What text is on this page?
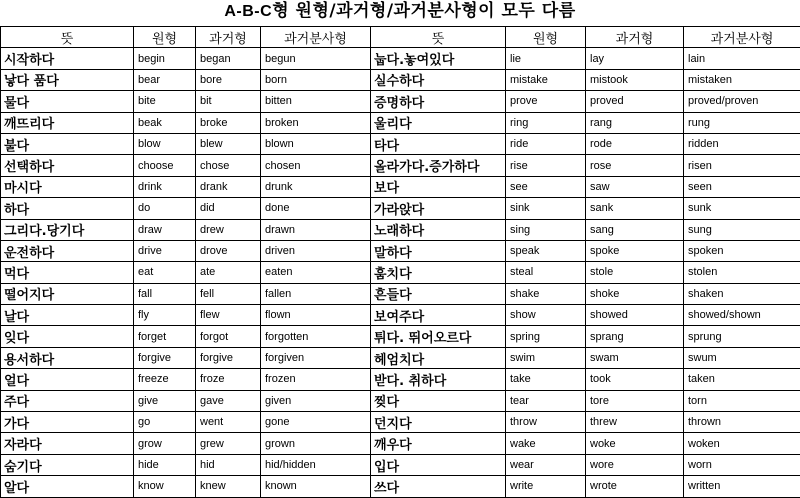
A-B-C형 원형/과거형/과거분사형이 모두 다름
뜻	원형	과거형	과거분사형	뜻	원형	과거형	과거분사형
시작하다	begin	began	begun	눕다.놓여있다	lie	lay	lain
낳다 품다	bear	bore	born	실수하다	mistake	mistook	mistaken
물다	bite	bit	bitten	증명하다	prove	proved	proved/proven
깨뜨리다	beak	broke	broken	울리다	ring	rang	rung
불다	blow	blew	blown	타다	ride	rode	ridden
선택하다	choose	chose	chosen	올라가다.증가하다	rise	rose	risen
마시다	drink	drank	drunk	보다	see	saw	seen
하다	do	did	done	가라앉다	sink	sank	sunk
그리다.당기다	draw	drew	drawn	노래하다	sing	sang	sung
운전하다	drive	drove	driven	말하다	speak	spoke	spoken
먹다	eat	ate	eaten	훔치다	steal	stole	stolen
떨어지다	fall	fell	fallen	흔들다	shake	shoke	shaken
날다	fly	flew	flown	보여주다	show	showed	showed/shown
잊다	forget	forgot	forgotten	튀다. 뛰어오르다	spring	sprang	sprung
용서하다	forgive	forgive	forgiven	헤엄치다	swim	swam	swum
얼다	freeze	froze	frozen	받다. 취하다	take	took	taken
주다	give	gave	given	찢다	tear	tore	torn
가다	go	went	gone	던지다	throw	threw	thrown
자라다	grow	grew	grown	깨우다	wake	woke	woken
숨기다	hide	hid	hid/hidden	입다	wear	wore	worn
알다	know	knew	known	쓰다	write	wrote	written
